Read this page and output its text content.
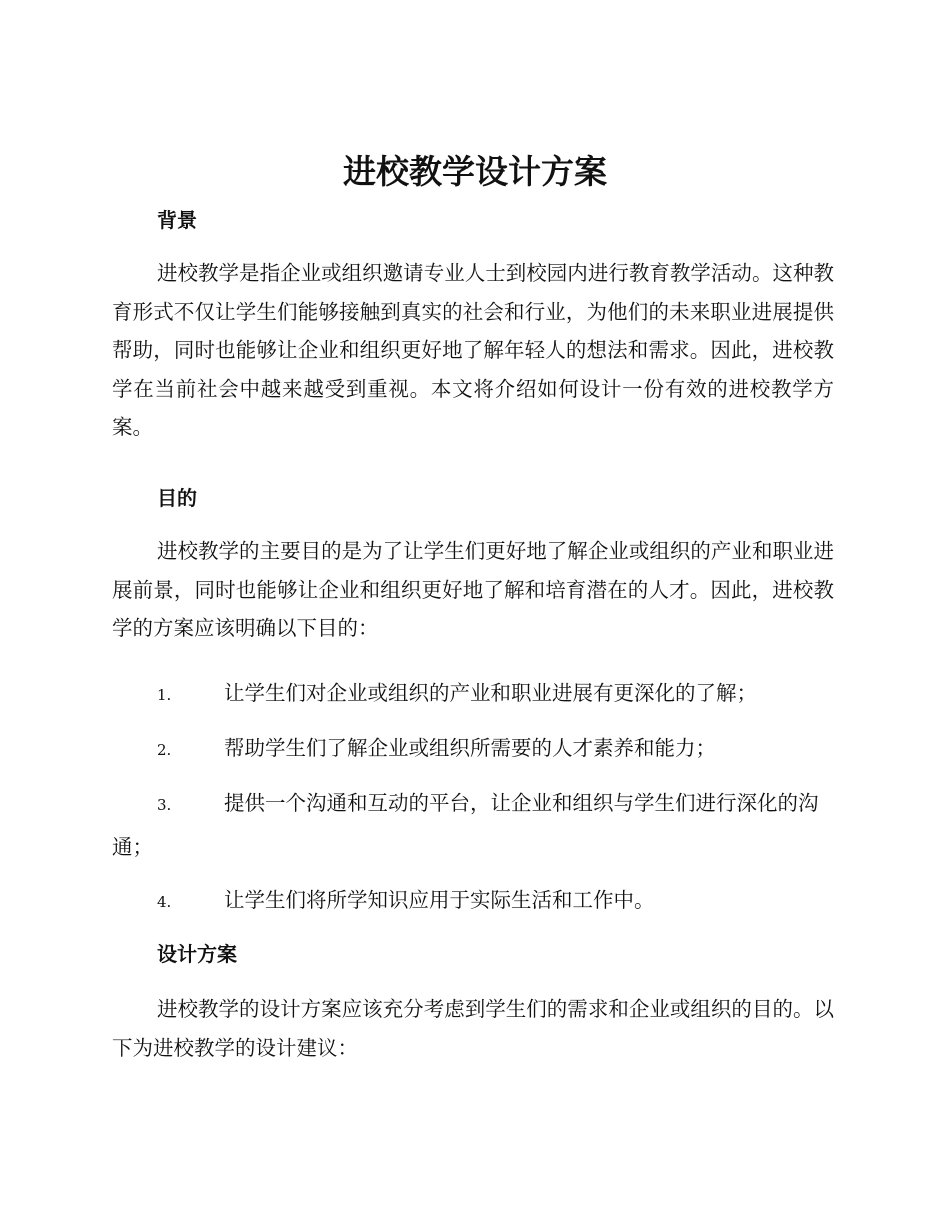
进校教学设计方案
背景

进校教学是指企业或组织邀请专业人士到校园内进行教育教学活动。这种教育形式不仅让学生们能够接触到真实的社会和行业，为他们的未来职业进展提供帮助，同时也能够让企业和组织更好地了解年轻人的想法和需求。因此，进校教学在当前社会中越来越受到重视。本文将介绍如何设计一份有效的进校教学方案。

目的

进校教学的主要目的是为了让学生们更好地了解企业或组织的产业和职业进展前景，同时也能够让企业和组织更好地了解和培育潜在的人才。因此，进校教学的方案应该明确以下目的：

1.	让学生们对企业或组织的产业和职业进展有更深化的了解；

2.	帮助学生们了解企业或组织所需要的人才素养和能力；

3.	提供一个沟通和互动的平台，让企业和组织与学生们进行深化的沟通；

4.	让学生们将所学知识应用于实际生活和工作中。

设计方案

进校教学的设计方案应该充分考虑到学生们的需求和企业或组织的目的。以下为进校教学的设计建议：
